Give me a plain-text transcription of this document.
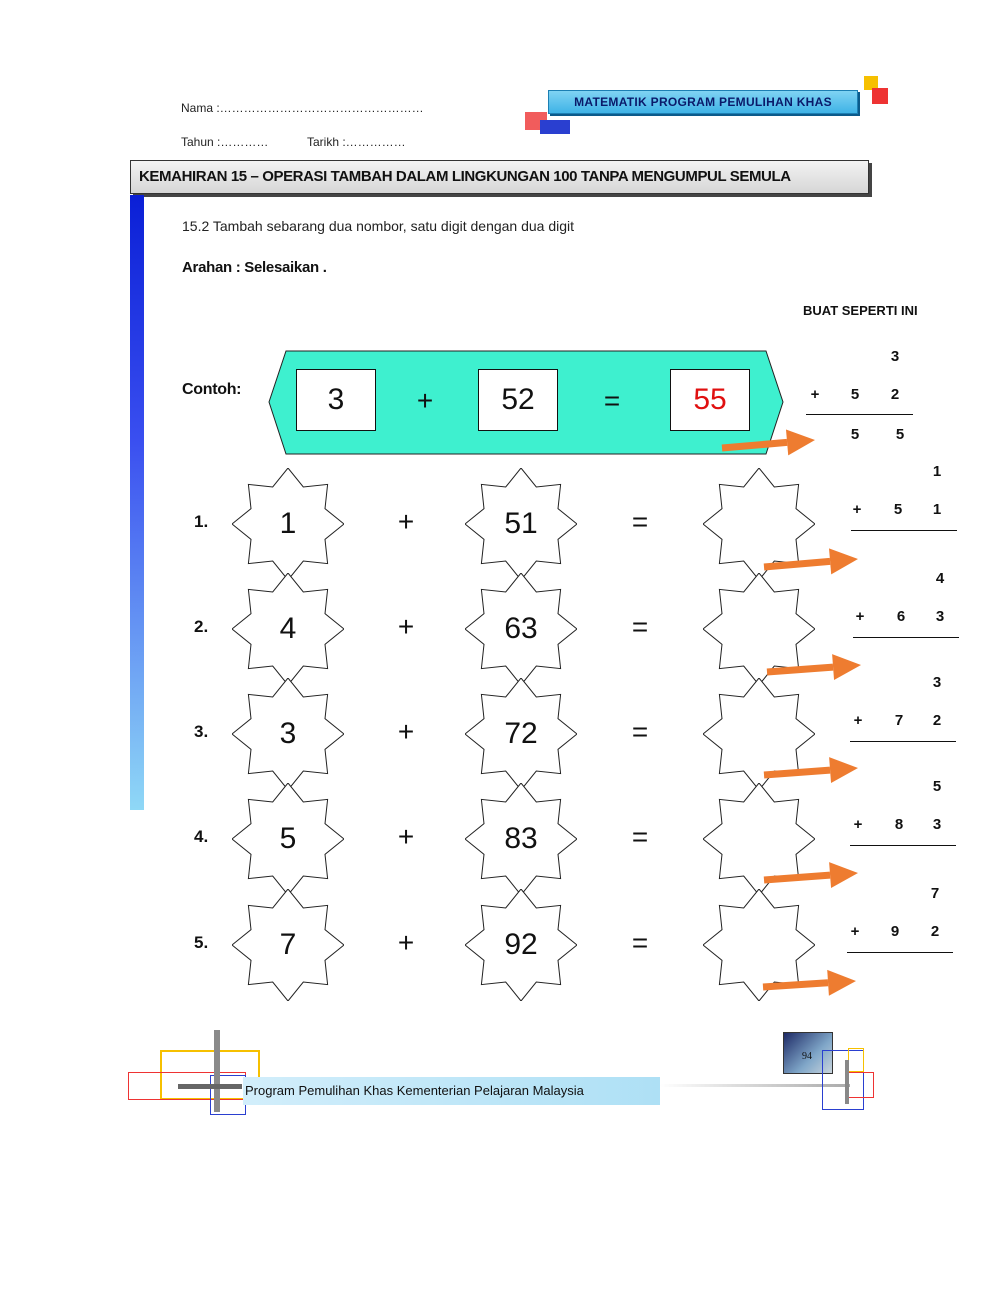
Nama :……………………………………………
Tahun :…………	Tarikh :……………
MATEMATIK PROGRAM PEMULIHAN KHAS
KEMAHIRAN 15 – OPERASI TAMBAH DALAM LINGKUNGAN 100 TANPA MENGUMPUL SEMULA
15.2 Tambah sebarang dua nombor, satu digit dengan dua digit
Arahan : Selesaikan .
BUAT SEPERTI INI
Contoh:	3	+	52	=	55
3
+	5	2
5	5
1.	1	+	51	=
1
+	5	1
2.	4	+	63	=
4
+	6	3
3.	3	+	72	=
3
+	7	2
4.	5	+	83	=
5
+	8	3
5.	7	+	92	=
7
+	9	2
Program Pemulihan Khas Kementerian Pelajaran Malaysia
94
